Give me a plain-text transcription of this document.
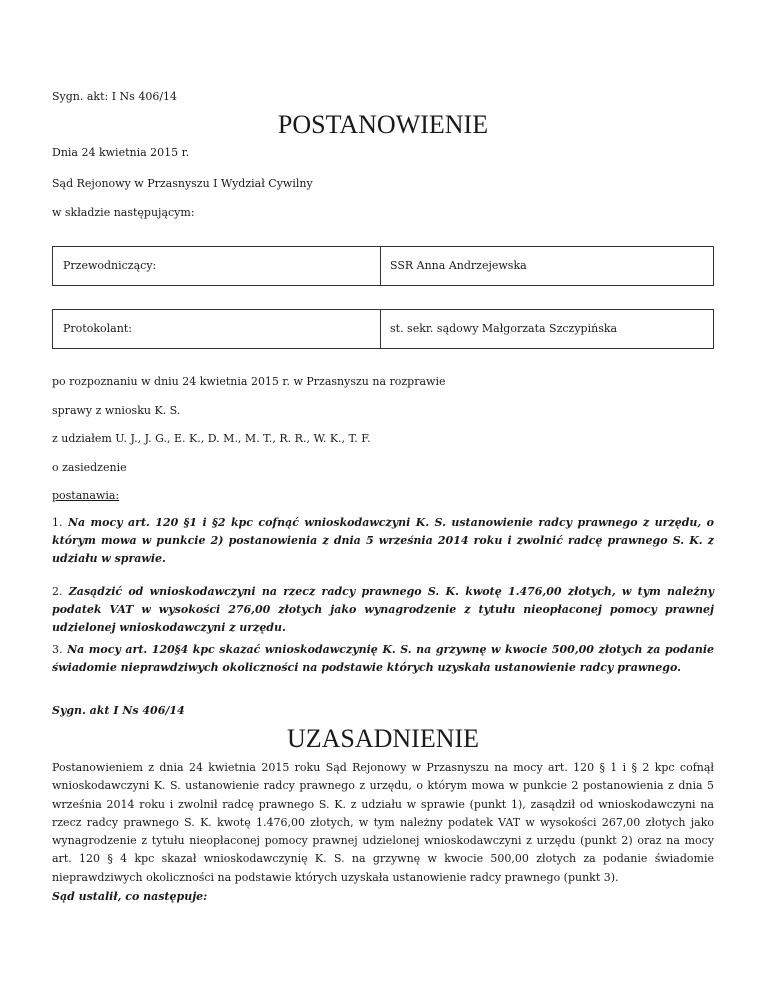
Sygn. akt: I Ns 406/14
POSTANOWIENIE
Dnia 24 kwietnia 2015 r.
Sąd Rejonowy w Przasnyszu I Wydział Cywilny
w składzie następującym:
Przewodniczący:	SSR Anna Andrzejewska
Protokolant:	st. sekr. sądowy Małgorzata Szczypińska
po rozpoznaniu w dniu 24 kwietnia 2015 r. w Przasnyszu na rozprawie
sprawy z wniosku K. S.
z udziałem U. J., J. G., E. K., D. M., M. T., R. R., W. K., T. F.
o zasiedzenie
postanawia:
1. Na mocy art. 120 §1 i §2 kpc cofnąć wnioskodawczyni K. S. ustanowienie radcy prawnego z urzędu, o którym mowa w punkcie 2) postanowienia z dnia 5 września 2014 roku i zwolnić radcę prawnego S. K. z udziału w sprawie.
2. Zasądzić od wnioskodawczyni na rzecz radcy prawnego S. K. kwotę 1.476,00 złotych, w tym należny podatek VAT w wysokości 276,00 złotych jako wynagrodzenie z tytułu nieopłaconej pomocy prawnej udzielonej wnioskodawczyni z urzędu.
3. Na mocy art. 120§4 kpc skazać wnioskodawczynię K. S. na grzywnę w kwocie 500,00 złotych za podanie świadomie nieprawdziwych okoliczności na podstawie których uzyskała ustanowienie radcy prawnego.
Sygn. akt I Ns 406/14
UZASADNIENIE
Postanowieniem z dnia 24 kwietnia 2015 roku Sąd Rejonowy w Przasnyszu na mocy art. 120 § 1 i § 2 kpc cofnął wnioskodawczyni K. S. ustanowienie radcy prawnego z urzędu, o którym mowa w punkcie 2 postanowienia z dnia 5 września 2014 roku i zwolnił radcę prawnego S. K. z udziału w sprawie (punkt 1), zasądził od wnioskodawczyni na rzecz radcy prawnego S. K. kwotę 1.476,00 złotych, w tym należny podatek VAT w wysokości 267,00 złotych jako wynagrodzenie z tytułu nieopłaconej pomocy prawnej udzielonej wnioskodawczyni z urzędu (punkt 2) oraz na mocy art. 120 § 4 kpc skazał wnioskodawczynię K. S. na grzywnę w kwocie 500,00 złotych za podanie świadomie nieprawdziwych okoliczności na podstawie których uzyskała ustanowienie radcy prawnego (punkt 3).
Sąd ustalił, co następuje:
